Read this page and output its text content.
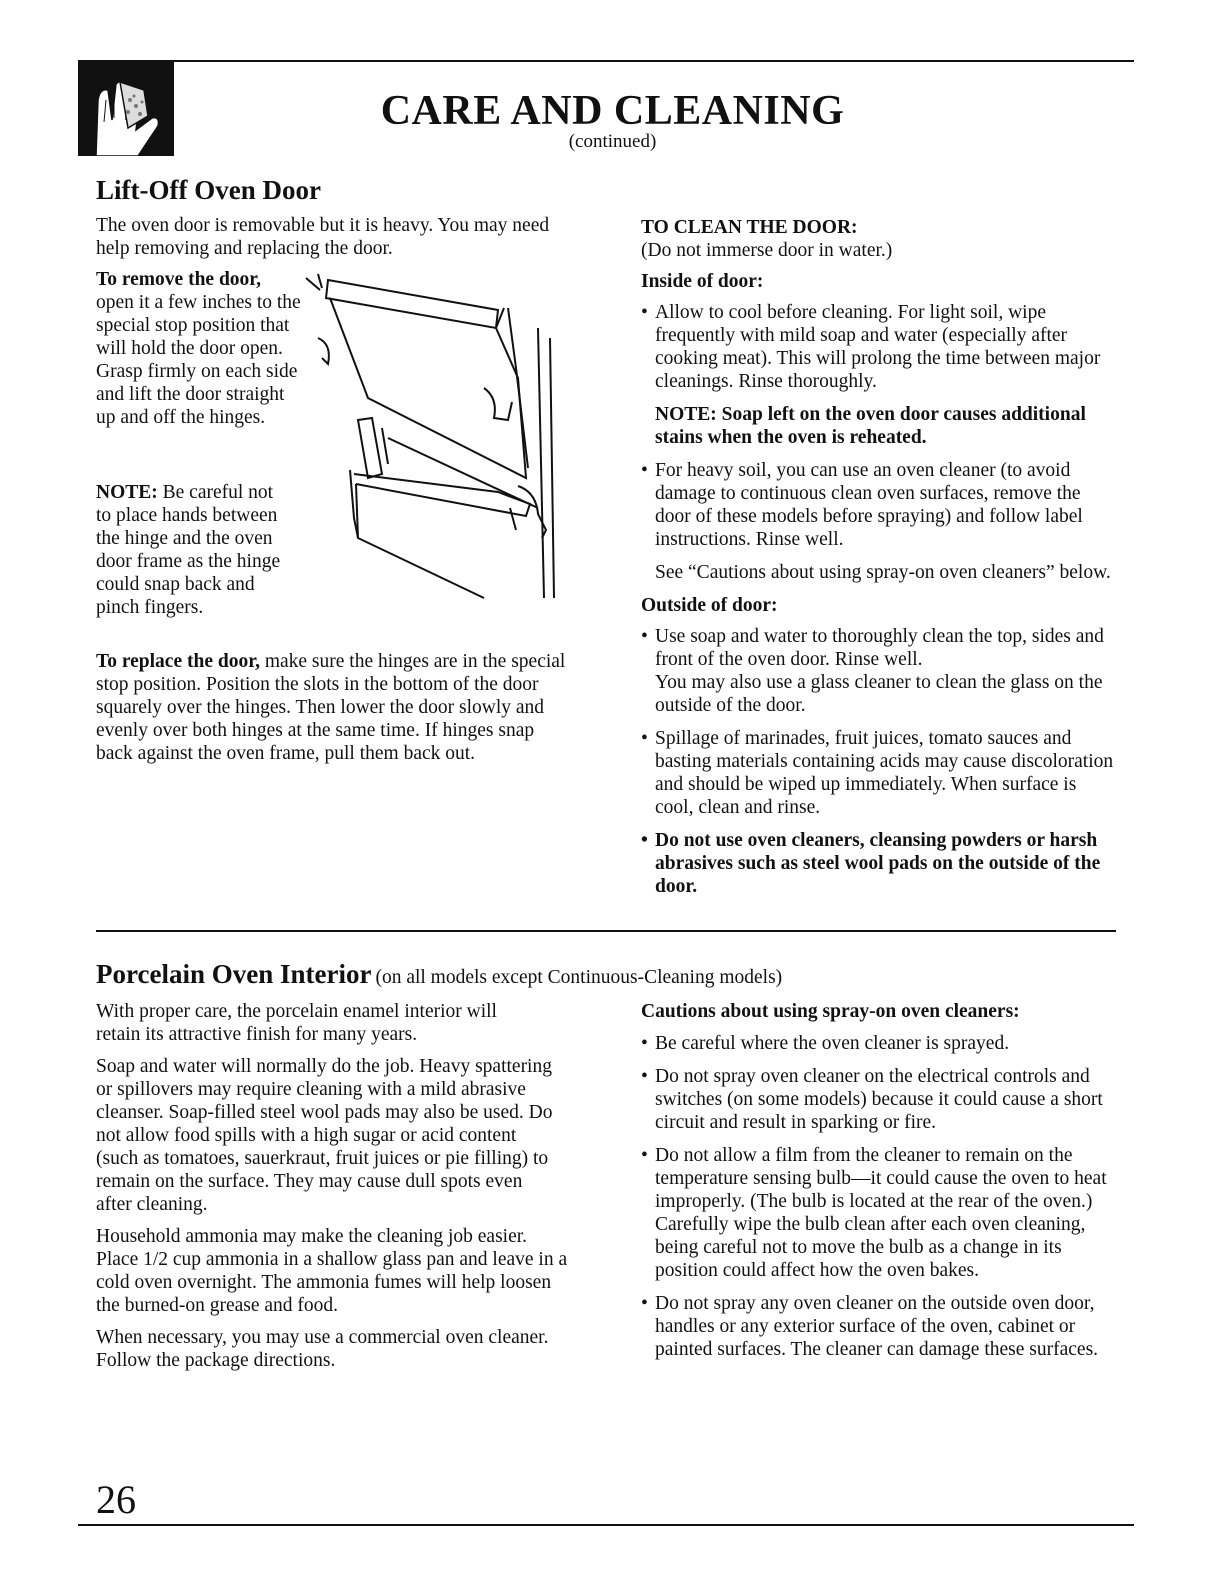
CARE AND CLEANING
(continued)
Lift-Off Oven Door

The oven door is removable but it is heavy. You may need help removing and replacing the door.

To remove the door, open it a few inches to the special stop position that will hold the door open. Grasp firmly on each side and lift the door straight up and off the hinges.
NOTE: Be careful not to place hands between the hinge and the oven door frame as the hinge could snap back and pinch fingers.
To replace the door, make sure the hinges are in the special stop position. Position the slots in the bottom of the door squarely over the hinges. Then lower the door slowly and evenly over both hinges at the same time. If hinges snap back against the oven frame, pull them back out.
TO CLEAN THE DOOR:
(Do not immerse door in water.)
Inside of door:
• Allow to cool before cleaning. For light soil, wipe frequently with mild soap and water (especially after cooking meat). This will prolong the time between major cleanings. Rinse thoroughly.
NOTE: Soap left on the oven door causes additional stains when the oven is reheated.
• For heavy soil, you can use an oven cleaner (to avoid damage to continuous clean oven surfaces, remove the door of these models before spraying) and follow label instructions. Rinse well.
See “Cautions about using spray-on oven cleaners” below.
Outside of door:
• Use soap and water to thoroughly clean the top, sides and front of the oven door. Rinse well.
You may also use a glass cleaner to clean the glass on the outside of the door.
• Spillage of marinades, fruit juices, tomato sauces and basting materials containing acids may cause discoloration and should be wiped up immediately. When surface is cool, clean and rinse.
• Do not use oven cleaners, cleansing powders or harsh abrasives such as steel wool pads on the outside of the door.
Porcelain Oven Interior (on all models except Continuous-Cleaning models)

With proper care, the porcelain enamel interior will retain its attractive finish for many years.

Soap and water will normally do the job. Heavy spattering or spillovers may require cleaning with a mild abrasive cleanser. Soap-filled steel wool pads may also be used. Do not allow food spills with a high sugar or acid content (such as tomatoes, sauerkraut, fruit juices or pie filling) to remain on the surface. They may cause dull spots even after cleaning.

Household ammonia may make the cleaning job easier. Place 1/2 cup ammonia in a shallow glass pan and leave in a cold oven overnight. The ammonia fumes will help loosen the burned-on grease and food.

When necessary, you may use a commercial oven cleaner. Follow the package directions.

Cautions about using spray-on oven cleaners:
• Be careful where the oven cleaner is sprayed.
• Do not spray oven cleaner on the electrical controls and switches (on some models) because it could cause a short circuit and result in sparking or fire.
• Do not allow a film from the cleaner to remain on the temperature sensing bulb—it could cause the oven to heat improperly. (The bulb is located at the rear of the oven.) Carefully wipe the bulb clean after each oven cleaning, being careful not to move the bulb as a change in its position could affect how the oven bakes.
• Do not spray any oven cleaner on the outside oven door, handles or any exterior surface of the oven, cabinet or painted surfaces. The cleaner can damage these surfaces.
26
